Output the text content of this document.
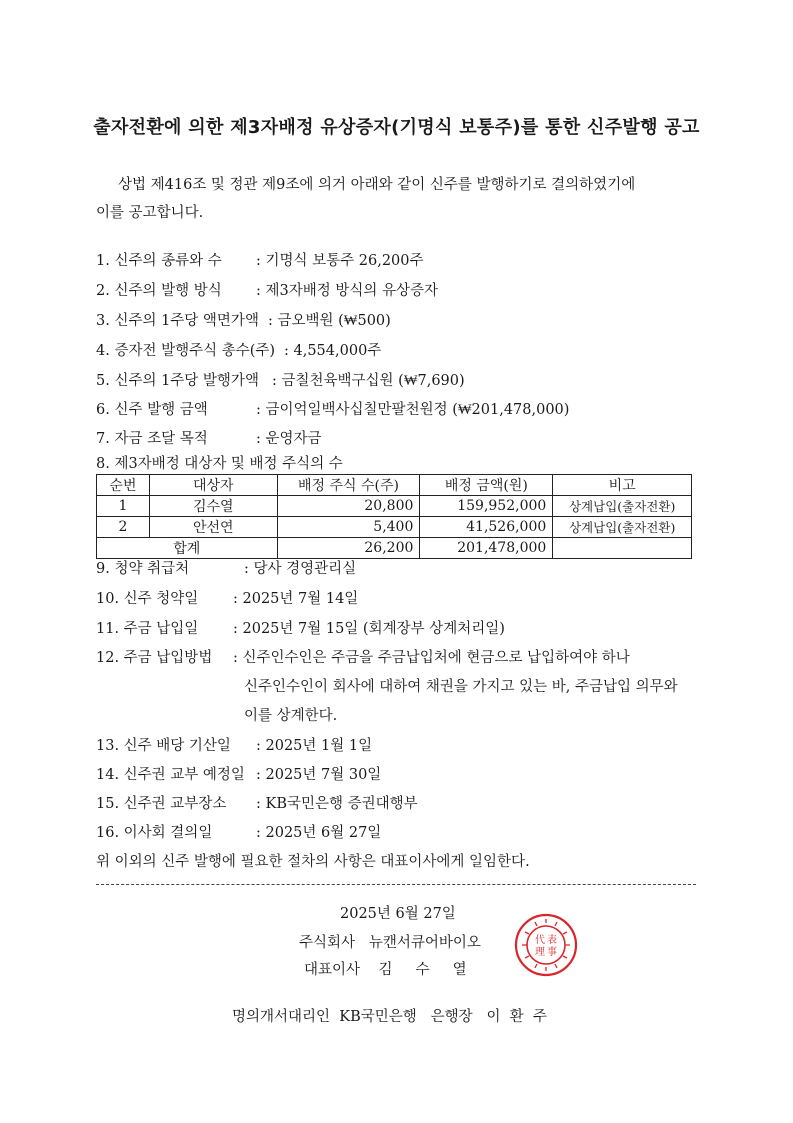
출자전환에 의한 제3자배정 유상증자(기명식 보통주)를 통한 신주발행 공고
상법 제416조 및 정관 제9조에 의거 아래와 같이 신주를 발행하기로 결의하였기에
이를 공고합니다.
1. 신주의 종류와 수 : 기명식 보통주 26,200주
2. 신주의 발행 방식 : 제3자배정 방식의 유상증자
3. 신주의 1주당 액면가액 : 금오백원 (₩500)
4. 증자전 발행주식 총수(주) : 4,554,000주
5. 신주의 1주당 발행가액 : 금칠천육백구십원 (₩7,690)
6. 신주 발행 금액	: 금이억일백사십칠만팔천원정 (₩201,478,000)
7. 자금 조달 목적	: 운영자금
8. 제3자배정 대상자 및 배정 주식의 수
순번	대상자	배정 주식 수(주)	배정 금액(원)	비고
1	김수열	20,800	159,952,000	상계납입(출자전환)
2	안선연	5,400	41,526,000	상계납입(출자전환)
합계		26,200	201,478,000	
9. 청약 취급처	: 당사 경영관리실
10. 신주 청약일 : 2025년 7월 14일
11. 주금 납입일 : 2025년 7월 15일 (회계장부 상계처리일)
12. 주금 납입방법 : 신주인수인은 주금을 주금납입처에 현금으로 납입하여야 하나
신주인수인이 회사에 대하여 채권을 가지고 있는 바, 주금납입 의무와
이를 상계한다.
13. 신주 배당 기산일 : 2025년 1월 1일
14. 신주권 교부 예정일 : 2025년 7월 30일
15. 신주권 교부장소 : KB국민은행 증권대행부
16. 이사회 결의일	: 2025년 6월 27일
위 이외의 신주 발행에 필요한 절차의 사항은 대표이사에게 일임한다.
2025년 6월 27일
주식회사   뉴캔서큐어바이오
대표이사    김     수     열
代 表
理 事
명의개서대리인  KB국민은행   은행장   이  환  주
